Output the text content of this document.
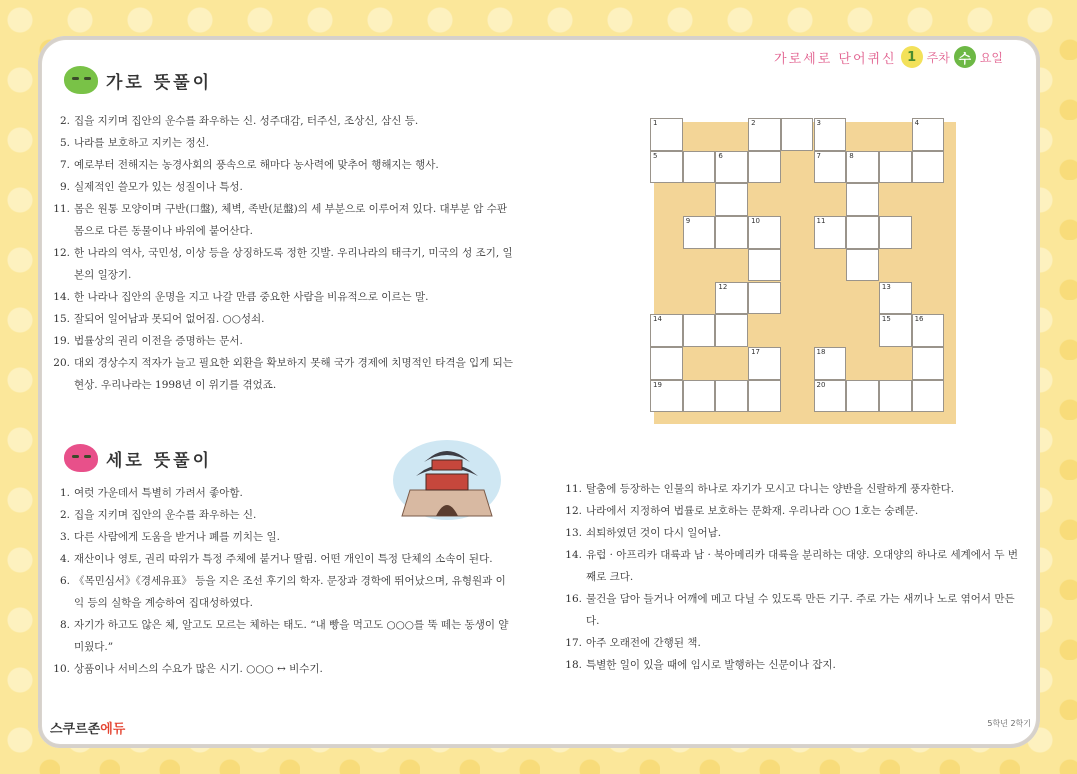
가로세로 단어퀴신 1 주차 수 요일
가로 뜻풀이
2. 집을 지키며 집안의 운수를 좌우하는 신. 성주대감, 터주신, 조상신, 삼신 등.
5. 나라를 보호하고 지키는 정신.
7. 예로부터 전해지는 농경사회의 풍속으로 해마다 농사력에 맞추어 행해지는 행사.
9. 실제적인 쓸모가 있는 성질이나 특성.
11. 몸은 원통 모양이며 구반(口盤), 체벽, 족반(足盤)의 세 부분으로 이루어져 있다. 대부분 암 수판몸으로 다른 동물이나 바위에 붙어산다.
12. 한 나라의 역사, 국민성, 이상 등을 상징하도록 정한 깃발. 우리나라의 태극기, 미국의 성 조기, 일본의 일장기.
14. 한 나라나 집안의 운명을 지고 나갈 만큼 중요한 사람을 비유적으로 이르는 말.
15. 잘되어 일어남과 못되어 없어짐. ○○성쇠.
19. 법률상의 권리 이전을 증명하는 문서.
20. 대외 경상수지 적자가 늘고 필요한 외환을 확보하지 못해 국가 경제에 치명적인 타격을 입게 되는 현상. 우리나라는 1998년 이 위기를 겪었죠.
1	2	3	4
5	6	7	8
9	10	11
12	13
14	15	16
17	18
19	20
세로 뜻풀이
1. 여럿 가운데서 특별히 가려서 좋아함.
2. 집을 지키며 집안의 운수를 좌우하는 신.
3. 다른 사람에게 도움을 받거나 폐를 끼치는 일.
4. 재산이나 영토, 권리 따위가 특정 주체에 붙거나 딸림. 어떤 개인이 특정 단체의 소속이 된다.
6. 《목민심서》《경세유표》 등을 지은 조선 후기의 학자. 문장과 경학에 뛰어났으며, 유형원과 이익 등의 실학을 계승하여 집대성하였다.
8. 자기가 하고도 않은 체, 알고도 모르는 체하는 태도. “내 빵을 먹고도 ○○○를 뚝 떼는 동생이 얄미웠다.”
10. 상품이나 서비스의 수요가 많은 시기. ○○○ ↔ 비수기.
11. 탈춤에 등장하는 인물의 하나로 자기가 모시고 다니는 양반을 신랄하게 풍자한다.
12. 나라에서 지정하여 법률로 보호하는 문화재. 우리나라 ○○ 1호는 숭례문.
13. 쇠퇴하였던 것이 다시 일어남.
14. 유럽 · 아프리카 대륙과 남 · 북아메리카 대륙을 분리하는 대양. 오대양의 하나로 세계에서 두 번째로 크다.
16. 물건을 담아 들거나 어깨에 메고 다닐 수 있도록 만든 기구. 주로 가는 새끼나 노로 엮어서 만든다.
17. 아주 오래전에 간행된 책.
18. 특별한 일이 있을 때에 임시로 발행하는 신문이나 잡지.
스쿠르존에듀	5학년 2학기
